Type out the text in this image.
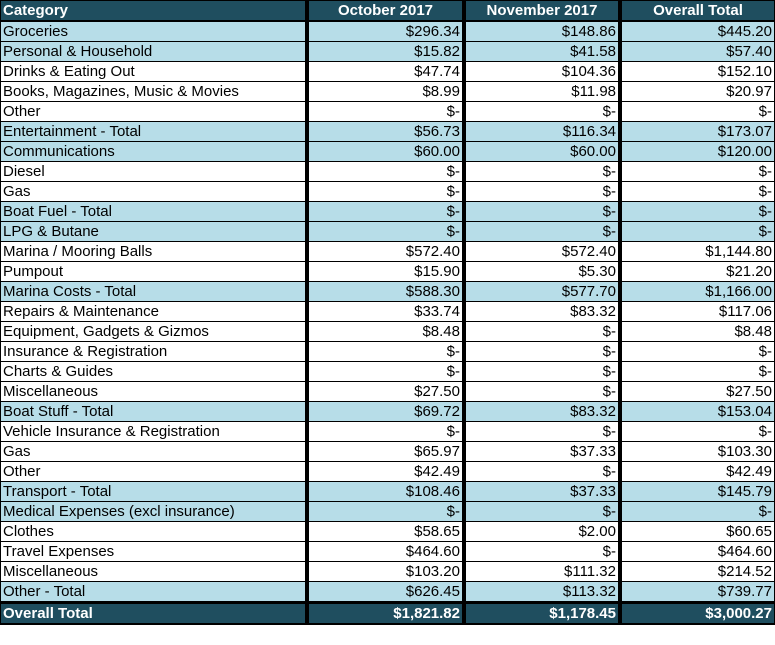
Category	October 2017	November 2017	Overall Total
Groceries	$296.34	$148.86	$445.20
Personal & Household	$15.82	$41.58	$57.40
Drinks & Eating Out	$47.74	$104.36	$152.10
Books, Magazines, Music & Movies	$8.99	$11.98	$20.97
Other	$-	$-	$-
Entertainment - Total	$56.73	$116.34	$173.07
Communications	$60.00	$60.00	$120.00
Diesel	$-	$-	$-
Gas	$-	$-	$-
Boat Fuel - Total	$-	$-	$-
LPG & Butane	$-	$-	$-
Marina / Mooring Balls	$572.40	$572.40	$1,144.80
Pumpout	$15.90	$5.30	$21.20
Marina Costs - Total	$588.30	$577.70	$1,166.00
Repairs & Maintenance	$33.74	$83.32	$117.06
Equipment, Gadgets & Gizmos	$8.48	$-	$8.48
Insurance & Registration	$-	$-	$-
Charts & Guides	$-	$-	$-
Miscellaneous	$27.50	$-	$27.50
Boat Stuff - Total	$69.72	$83.32	$153.04
Vehicle Insurance & Registration	$-	$-	$-
Gas	$65.97	$37.33	$103.30
Other	$42.49	$-	$42.49
Transport - Total	$108.46	$37.33	$145.79
Medical Expenses (excl insurance)	$-	$-	$-
Clothes	$58.65	$2.00	$60.65
Travel Expenses	$464.60	$-	$464.60
Miscellaneous	$103.20	$111.32	$214.52
Other - Total	$626.45	$113.32	$739.77
Overall Total	$1,821.82	$1,178.45	$3,000.27
